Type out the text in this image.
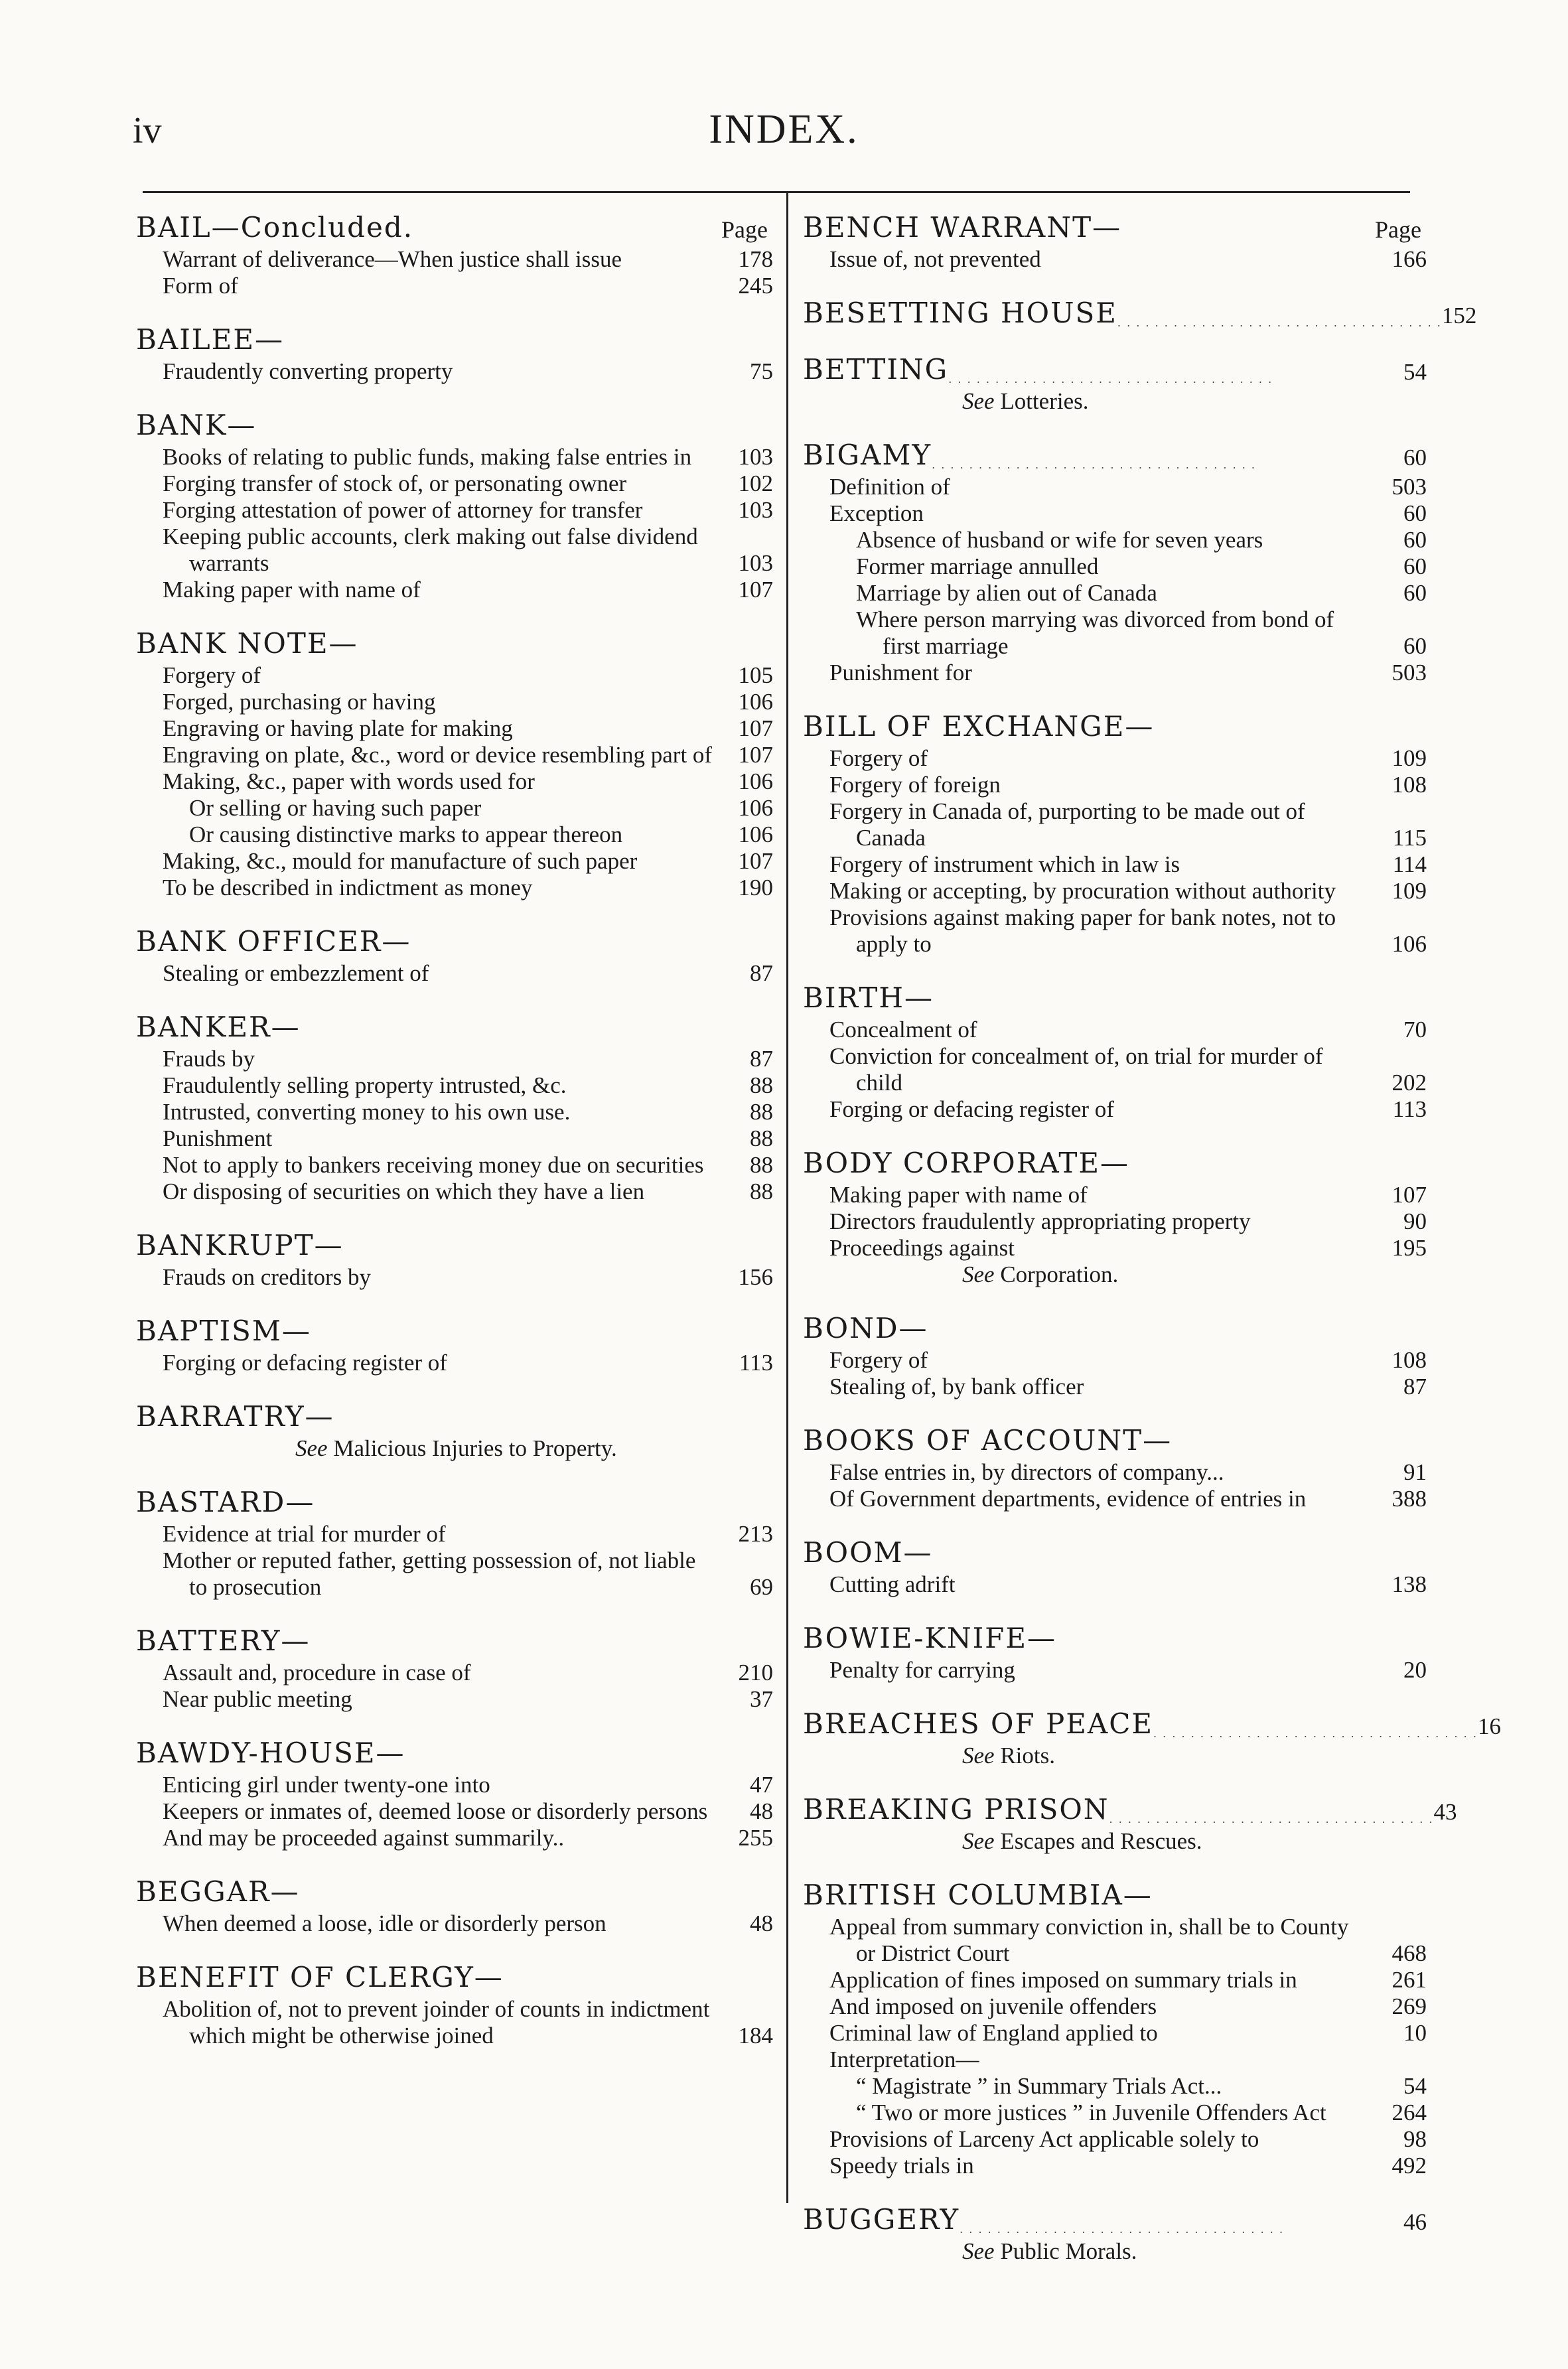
iv	INDEX.
BAIL— Concluded.	Page
Warrant of deliverance—When justice shall issue	178
Form of	245
BAILEE—
Fraudently converting property	75
BANK—
Books of relating to public funds, making false entries in	103
Forging transfer of stock of, or personating owner	102
Forging attestation of power of attorney for transfer	103
Keeping public accounts, clerk making out false dividend warrants	103
Making paper with name of	107
BANK NOTE—
Forgery of	105
Forged, purchasing or having	106
Engraving or having plate for making	107
Engraving on plate, &c., word or device resembling part of	107
Making, &c., paper with words used for	106
Or selling or having such paper	106
Or causing distinctive marks to appear thereon	106
Making, &c., mould for manufacture of such paper	107
To be described in indictment as money	190
BANK OFFICER—
Stealing or embezzlement of	87
BANKER—
Frauds by	87
Fraudulently selling property intrusted, &c.	88
Intrusted, converting money to his own use.	88
Punishment	88
Not to apply to bankers receiving money due on securities	88
Or disposing of securities on which they have a lien	88
BANKRUPT—
Frauds on creditors by	156
BAPTISM—
Forging or defacing register of	113
BARRATRY—
See Malicious Injuries to Property.
BASTARD—
Evidence at trial for murder of	213
Mother or reputed father, getting possession of, not liable to prosecution	69
BATTERY—
Assault and, procedure in case of	210
Near public meeting	37
BAWDY-HOUSE—
Enticing girl under twenty-one into	47
Keepers or inmates of, deemed loose or disorderly persons	48
And may be proceeded against summarily..	255
BEGGAR—
When deemed a loose, idle or disorderly person	48
BENEFIT OF CLERGY—
Abolition of, not to prevent joinder of counts in indictment which might be otherwise joined	184
BENCH WARRANT—	Page
Issue of, not prevented	166
BESETTING HOUSE . . . . . . . . . . . . . . . . . . . . . . . . . . . . . . . . . . . 152
BETTING . . . . . . . . . . . . . . . . . . . . . . . . . . . . . . . . . . .	54
See Lotteries.
BIGAMY . . . . . . . . . . . . . . . . . . . . . . . . . . . . . . . . . . .	60
Definition of	503
Exception	60
Absence of husband or wife for seven years	60
Former marriage annulled	60
Marriage by alien out of Canada	60
Where person marrying was divorced from bond of first marriage	60
Punishment for	503
BILL OF EXCHANGE—
Forgery of	109
Forgery of foreign	108
Forgery in Canada of, purporting to be made out of Canada	115
Forgery of instrument which in law is	114
Making or accepting, by procuration without authority	109
Provisions against making paper for bank notes, not to apply to	106
BIRTH—
Concealment of	70
Conviction for concealment of, on trial for murder of child	202
Forging or defacing register of	113
BODY CORPORATE—
Making paper with name of	107
Directors fraudulently appropriating property	90
Proceedings against	195
See Corporation.
BOND—
Forgery of	108
Stealing of, by bank officer	87
BOOKS OF ACCOUNT—
False entries in, by directors of company...	91
Of Government departments, evidence of entries in	388
BOOM—
Cutting adrift	138
BOWIE-KNIFE—
Penalty for carrying	20
BREACHES OF PEACE . . . . . . . . . . . . . . . . . . . . . . . . . . . . . . . . . . . 16
See Riots.
BREAKING PRISON . . . . . . . . . . . . . . . . . . . . . . . . . . . . . . . . . . . 43
See Escapes and Rescues.
BRITISH COLUMBIA—
Appeal from summary conviction in, shall be to County or District Court	468
Application of fines imposed on summary trials in	261
And imposed on juvenile offenders	269
Criminal law of England applied to	10
Interpretation—
“ Magistrate ” in Summary Trials Act...	54
“ Two or more justices ” in Juvenile Offenders Act	264
Provisions of Larceny Act applicable solely to	98
Speedy trials in	492
BUGGERY . . . . . . . . . . . . . . . . . . . . . . . . . . . . . . . . . . .	46
See Public Morals.
